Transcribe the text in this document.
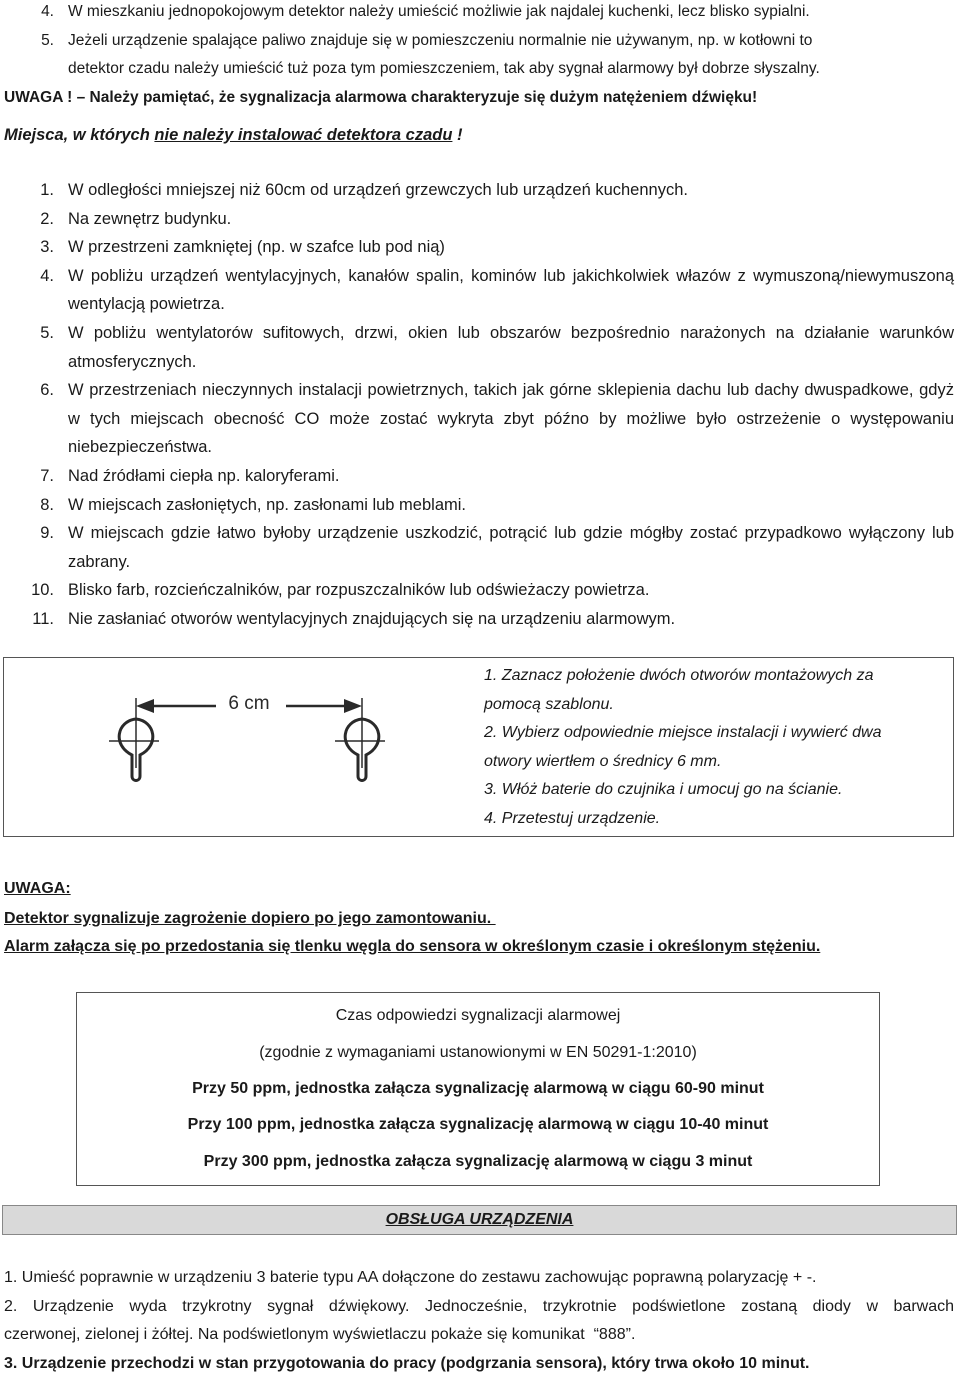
4. W mieszkaniu jednopokojowym detektor należy umieścić możliwie jak najdalej kuchenki, lecz blisko sypialni.
5. Jeżeli urządzenie spalające paliwo znajduje się w pomieszczeniu normalnie nie używanym, np. w kotłowni to
detektor czadu należy umieścić tuż poza tym pomieszczeniem, tak aby sygnał alarmowy był dobrze słyszalny.
UWAGA ! – Należy pamiętać, że sygnalizacja alarmowa charakteryzuje się dużym natężeniem dźwięku!
Miejsca, w których nie należy instalować detektora czadu !
1. W odległości mniejszej niż 60cm od urządzeń grzewczych lub urządzeń kuchennych.
2. Na zewnętrz budynku.
3. W przestrzeni zamkniętej (np. w szafce lub pod nią)
4. W pobliżu urządzeń wentylacyjnych, kanałów spalin, kominów lub jakichkolwiek włazów z wymuszoną/niewymuszoną wentylacją powietrza.
5. W pobliżu wentylatorów sufitowych, drzwi, okien lub obszarów bezpośrednio narażonych na działanie warunków atmosferycznych.
6. W przestrzeniach nieczynnych instalacji powietrznych, takich jak górne sklepienia dachu lub dachy dwuspadkowe, gdyż w tych miejscach obecność CO może zostać wykryta zbyt późno by możliwe było ostrzeżenie o występowaniu niebezpieczeństwa.
7. Nad źródłami ciepła np. kaloryferami.
8. W miejscach zasłoniętych, np. zasłonami lub meblami.
9. W miejscach gdzie łatwo byłoby urządzenie uszkodzić, potrącić lub gdzie mógłby zostać przypadkowo wyłączony lub zabrany.
10. Blisko farb, rozcieńczalników, par rozpuszczalników lub odświeżaczy powietrza.
11. Nie zasłaniać otworów wentylacyjnych znajdujących się na urządzeniu alarmowym.
6 cm
1. Zaznacz położenie dwóch otworów montażowych za
pomocą szablonu.
2. Wybierz odpowiednie miejsce instalacji i wywierć dwa
otwory wiertłem o średnicy 6 mm.
3. Włóż baterie do czujnika i umocuj go na ścianie.
4. Przetestuj urządzenie.
UWAGA:
Detektor sygnalizuje zagrożenie dopiero po jego zamontowaniu.
Alarm załącza się po przedostania się tlenku węgla do sensora w określonym czasie i określonym stężeniu.
Czas odpowiedzi sygnalizacji alarmowej
(zgodnie z wymaganiami ustanowionymi w EN 50291-1:2010)
Przy 50 ppm, jednostka załącza sygnalizację alarmową w ciągu 60-90 minut
Przy 100 ppm, jednostka załącza sygnalizację alarmową w ciągu 10-40 minut
Przy 300 ppm, jednostka załącza sygnalizację alarmową w ciągu 3 minut
OBSŁUGA URZĄDZENIA
1. Umieść poprawnie w urządzeniu 3 baterie typu AA dołączone do zestawu zachowując poprawną polaryzację + -.
2. Urządzenie wyda trzykrotny sygnał dźwiękowy. Jednocześnie, trzykrotnie podświetlone zostaną diody w barwach
czerwonej, zielonej i żółtej. Na podświetlonym wyświetlaczu pokaże się komunikat  “888”.
3. Urządzenie przechodzi w stan przygotowania do pracy (podgrzania sensora), który trwa około 10 minut.
